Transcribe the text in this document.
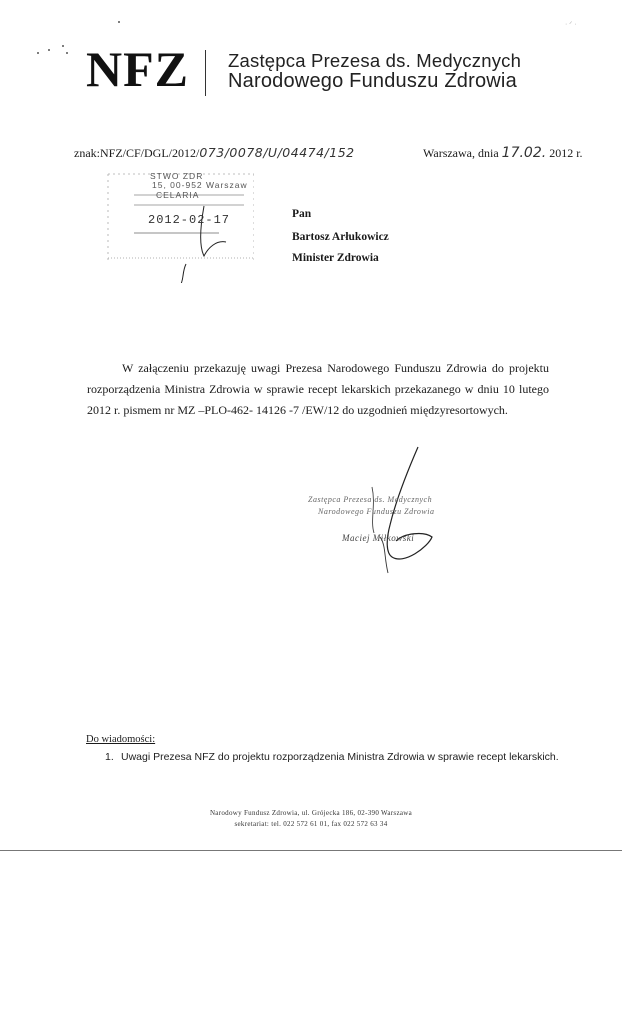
ᐧ ᐟ ᐧ
NFZ Zastępca Prezesa ds. Medycznych
Narodowego Funduszu Zdrowia
znak:NFZ/CF/DGL/2012/073/0078/U/04474/152	Warszawa, dnia 17.02. 2012 r.
STWO ZDR
15, 00-952 Warszaw
CELARIA
2012-02-17	Pan
Bartosz Arłukowicz
Minister Zdrowia

W załączeniu przekazuję uwagi Prezesa Narodowego Funduszu Zdrowia do projektu rozporządzenia Ministra Zdrowia w sprawie recept lekarskich przekazanego w dniu 10 lutego 2012 r. pismem nr MZ –PLO-462- 14126 -7 /EW/12 do uzgodnień międzyresortowych.

Zastępca Prezesa ds. Medycznych
Narodowego Funduszu Zdrowia
Maciej Miłkowski
Do wiadomości:
1. Uwagi Prezesa NFZ do projektu rozporządzenia Ministra Zdrowia w sprawie recept lekarskich.
Narodowy Fundusz Zdrowia, ul. Grójecka 186, 02-390 Warszawa
sekretariat: tel. 022 572 61 01, fax 022 572 63 34
